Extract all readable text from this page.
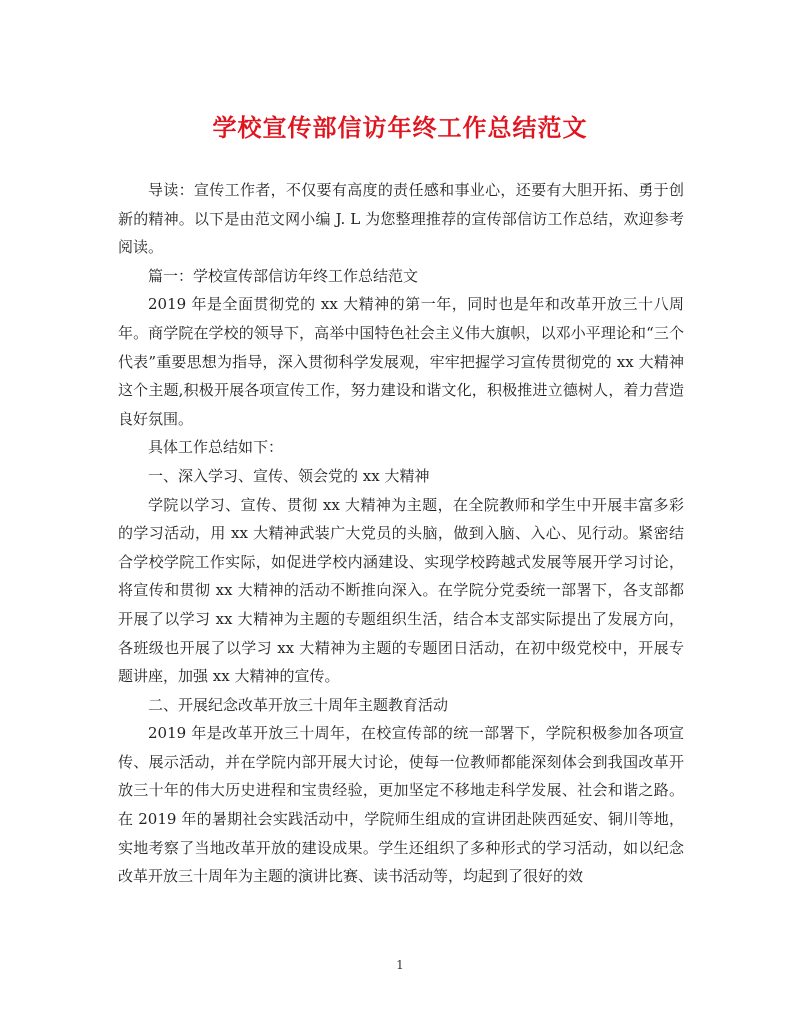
学校宣传部信访年终工作总结范文

导读：宣传工作者，不仅要有高度的责任感和事业心，还要有大胆开拓、勇于创新的精神。以下是由范文网小编 J. L 为您整理推荐的宣传部信访工作总结，欢迎参考阅读。

篇一：学校宣传部信访年终工作总结范文

2019 年是全面贯彻党的 xx 大精神的第一年，同时也是年和改革开放三十八周年。商学院在学校的领导下，高举中国特色社会主义伟大旗帜，以邓小平理论和“三个代表”重要思想为指导，深入贯彻科学发展观，牢牢把握学习宣传贯彻党的 xx 大精神这个主题,积极开展各项宣传工作，努力建设和谐文化，积极推进立德树人，着力营造良好氛围。

具体工作总结如下：

一、深入学习、宣传、领会党的 xx 大精神

学院以学习、宣传、贯彻 xx 大精神为主题，在全院教师和学生中开展丰富多彩的学习活动，用 xx 大精神武装广大党员的头脑，做到入脑、入心、见行动。紧密结合学校学院工作实际，如促进学校内涵建设、实现学校跨越式发展等展开学习讨论，将宣传和贯彻 xx 大精神的活动不断推向深入。在学院分党委统一部署下，各支部都开展了以学习 xx 大精神为主题的专题组织生活，结合本支部实际提出了发展方向，各班级也开展了以学习 xx 大精神为主题的专题团日活动，在初中级党校中，开展专题讲座，加强 xx 大精神的宣传。

二、开展纪念改革开放三十周年主题教育活动

2019 年是改革开放三十周年，在校宣传部的统一部署下，学院积极参加各项宣传、展示活动，并在学院内部开展大讨论，使每一位教师都能深刻体会到我国改革开放三十年的伟大历史进程和宝贵经验，更加坚定不移地走科学发展、社会和谐之路。在 2019 年的暑期社会实践活动中，学院师生组成的宣讲团赴陕西延安、铜川等地，实地考察了当地改革开放的建设成果。学生还组织了多种形式的学习活动，如以纪念改革开放三十周年为主题的演讲比赛、读书活动等，均起到了很好的效

1
